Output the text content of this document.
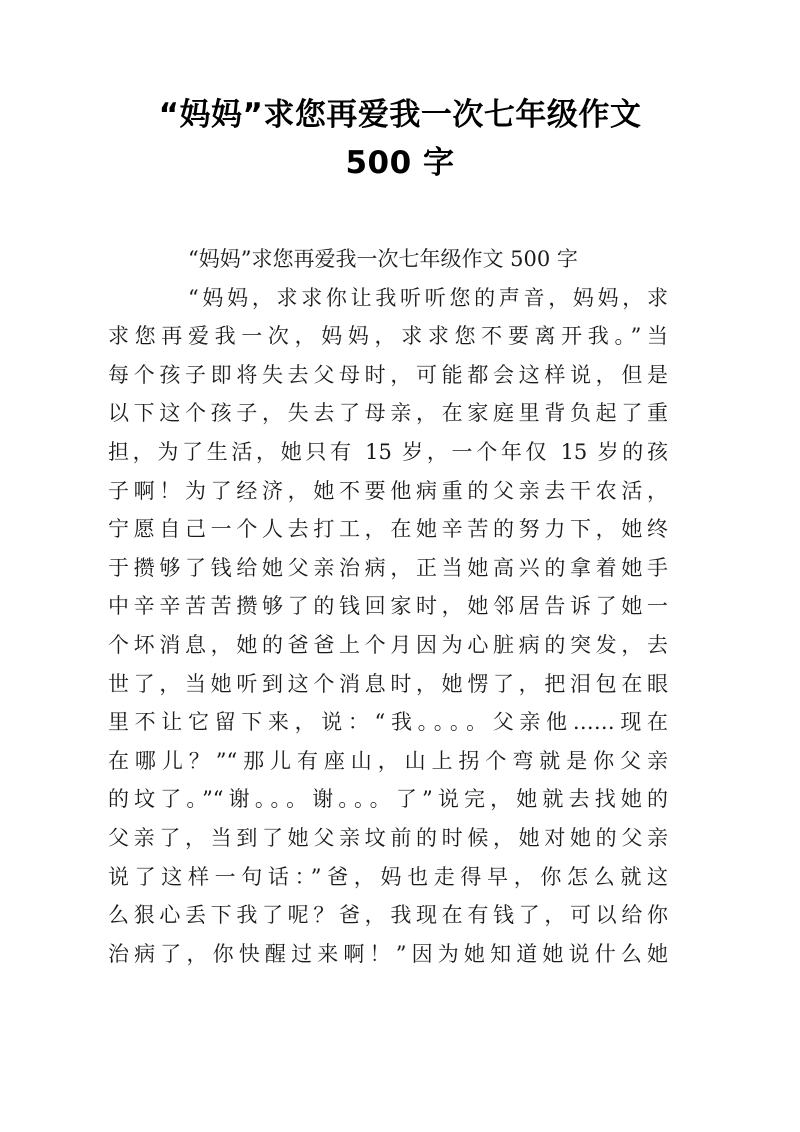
“妈妈”求您再爱我一次七年级作文
500 字
“妈妈”求您再爱我一次七年级作文 500 字
“妈妈，求求你让我听听您的声音，妈妈，求
求您再爱我一次，妈妈，求求您不要离开我。”当
每个孩子即将失去父母时，可能都会这样说，但是
以下这个孩子，失去了母亲，在家庭里背负起了重
担，为了生活，她只有 15 岁，一个年仅 15 岁的孩
子啊！为了经济，她不要他病重的父亲去干农活，
宁愿自己一个人去打工，在她辛苦的努力下，她终
于攒够了钱给她父亲治病，正当她高兴的拿着她手
中辛辛苦苦攒够了的钱回家时，她邻居告诉了她一
个坏消息，她的爸爸上个月因为心脏病的突发，去
世了，当她听到这个消息时，她愣了，把泪包在眼
里不让它留下来，说：“我。。。。父亲他……现在
在哪儿？”“那儿有座山，山上拐个弯就是你父亲
的坟了。”“谢。。。谢。。。了”说完，她就去找她的
父亲了，当到了她父亲坟前的时候，她对她的父亲
说了这样一句话：”爸，妈也走得早，你怎么就这
么狠心丢下我了呢？爸，我现在有钱了，可以给你
治病了，你快醒过来啊！”因为她知道她说什么她
